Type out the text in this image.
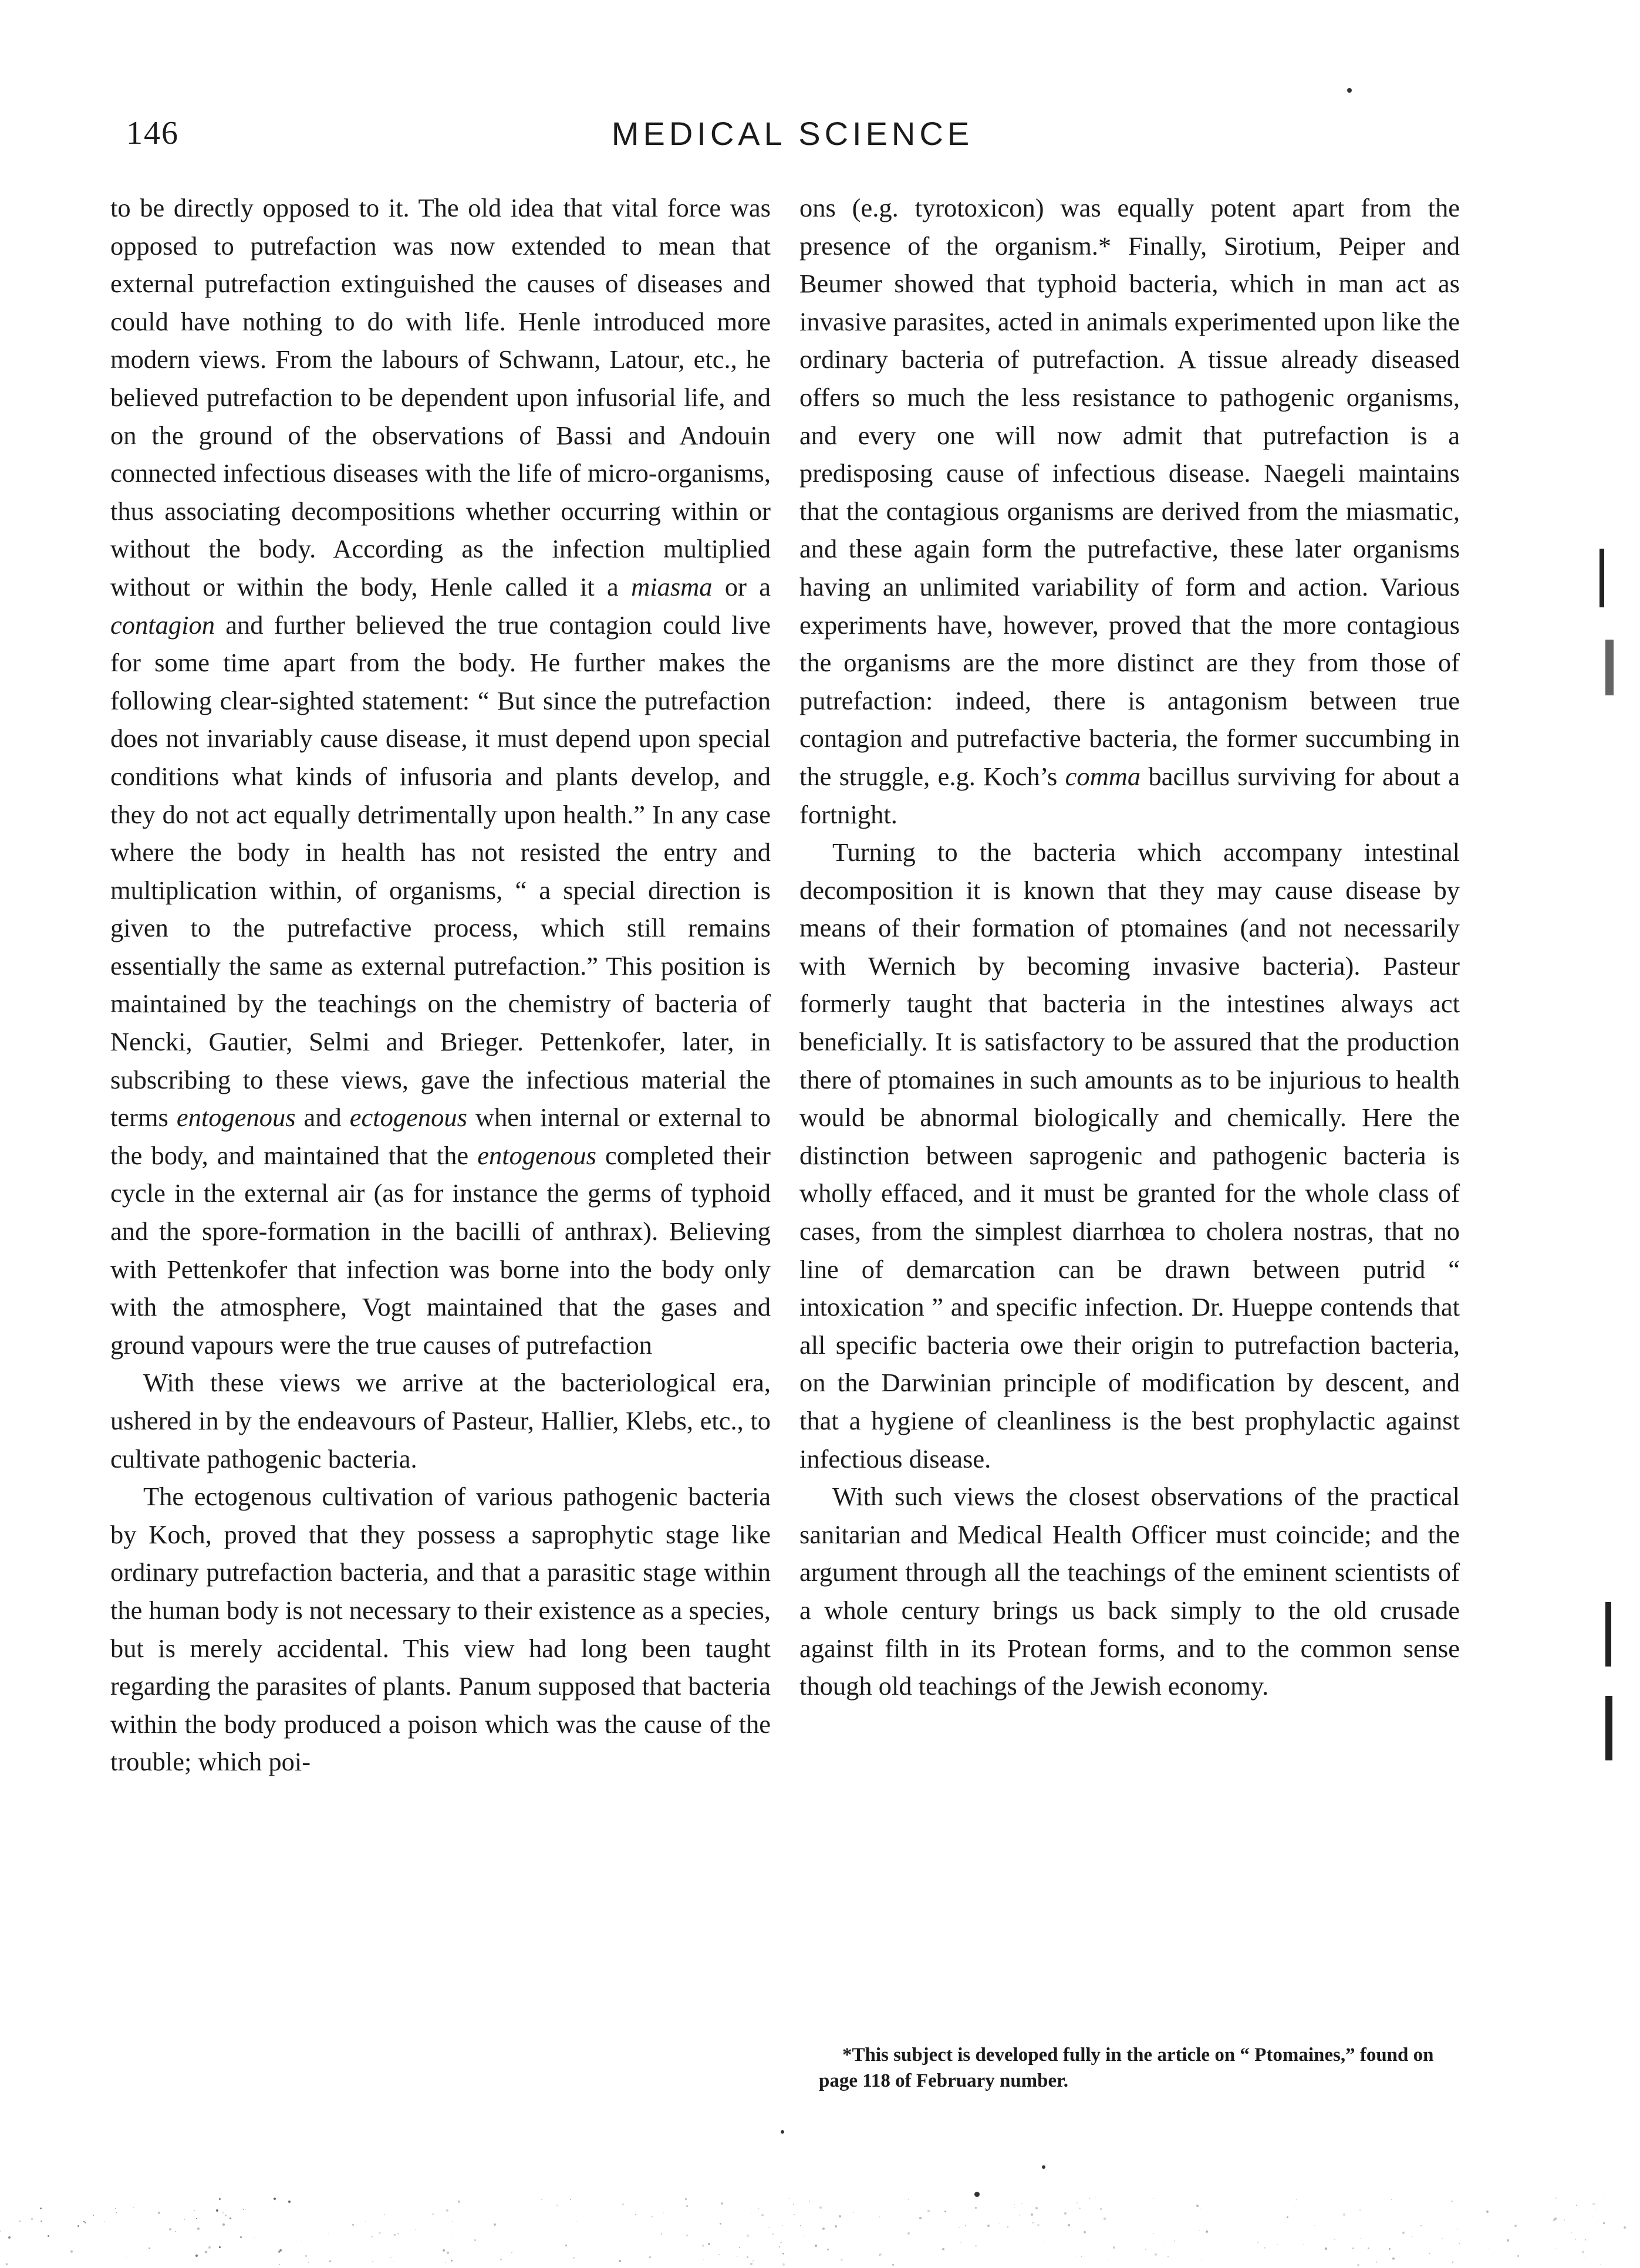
146	MEDICAL SCIENCE

to be directly opposed to it. The old idea that vital force was opposed to putrefaction was now extended to mean that external putrefaction extinguished the causes of diseases and could have nothing to do with life. Henle introduced more modern views. From the labours of Schwann, Latour, etc., he believed putrefaction to be dependent upon infusorial life, and on the ground of the observations of Bassi and Andouin connected infectious diseases with the life of micro-organisms, thus associating decompositions whether occurring within or without the body. According as the infection multiplied without or within the body, Henle called it a miasma or a contagion and further believed the true contagion could live for some time apart from the body. He further makes the following clear-sighted statement: “ But since the putrefaction does not invariably cause disease, it must depend upon special conditions what kinds of infusoria and plants develop, and they do not act equally detrimentally upon health.” In any case where the body in health has not resisted the entry and multiplication within, of organisms, “ a special direction is given to the putrefactive process, which still remains essentially the same as external putrefaction.” This position is maintained by the teachings on the chemistry of bacteria of Nencki, Gautier, Selmi and Brieger. Pettenkofer, later, in subscribing to these views, gave the infectious material the terms entogenous and ectogenous when internal or external to the body, and maintained that the entogenous completed their cycle in the external air (as for instance the germs of typhoid and the spore-formation in the bacilli of anthrax). Believing with Pettenkofer that infection was borne into the body only with the atmosphere, Vogt maintained that the gases and ground vapours were the true causes of putrefaction

With these views we arrive at the bacteriological era, ushered in by the endeavours of Pasteur, Hallier, Klebs, etc., to cultivate pathogenic bacteria.

The ectogenous cultivation of various pathogenic bacteria by Koch, proved that they possess a saprophytic stage like ordinary putrefaction bacteria, and that a parasitic stage within the human body is not necessary to their existence as a species, but is merely accidental. This view had long been taught regarding the parasites of plants. Panum supposed that bacteria within the body produced a poison which was the cause of the trouble; which poi-

ons (e.g. tyrotoxicon) was equally potent apart from the presence of the organism.* Finally, Sirotium, Peiper and Beumer showed that typhoid bacteria, which in man act as invasive parasites, acted in animals experimented upon like the ordinary bacteria of putrefaction. A tissue already diseased offers so much the less resistance to pathogenic organisms, and every one will now admit that putrefaction is a predisposing cause of infectious disease. Naegeli maintains that the contagious organisms are derived from the miasmatic, and these again form the putrefactive, these later organisms having an unlimited variability of form and action. Various experiments have, however, proved that the more contagious the organisms are the more distinct are they from those of putrefaction: indeed, there is antagonism between true contagion and putrefactive bacteria, the former succumbing in the struggle, e.g. Koch’s comma bacillus surviving for about a fortnight.

Turning to the bacteria which accompany intestinal decomposition it is known that they may cause disease by means of their formation of ptomaines (and not necessarily with Wernich by becoming invasive bacteria). Pasteur formerly taught that bacteria in the intestines always act beneficially. It is satisfactory to be assured that the production there of ptomaines in such amounts as to be injurious to health would be abnormal biologically and chemically. Here the distinction between saprogenic and pathogenic bacteria is wholly effaced, and it must be granted for the whole class of cases, from the simplest diarrhœa to cholera nostras, that no line of demarcation can be drawn between putrid “ intoxication ” and specific infection. Dr. Hueppe contends that all specific bacteria owe their origin to putrefaction bacteria, on the Darwinian principle of modification by descent, and that a hygiene of cleanliness is the best prophylactic against infectious disease.

With such views the closest observations of the practical sanitarian and Medical Health Officer must coincide; and the argument through all the teachings of the eminent scientists of a whole century brings us back simply to the old crusade against filth in its Protean forms, and to the common sense though old teachings of the Jewish economy.

*This subject is developed fully in the article on “ Ptomaines,” found on page 118 of February number.
